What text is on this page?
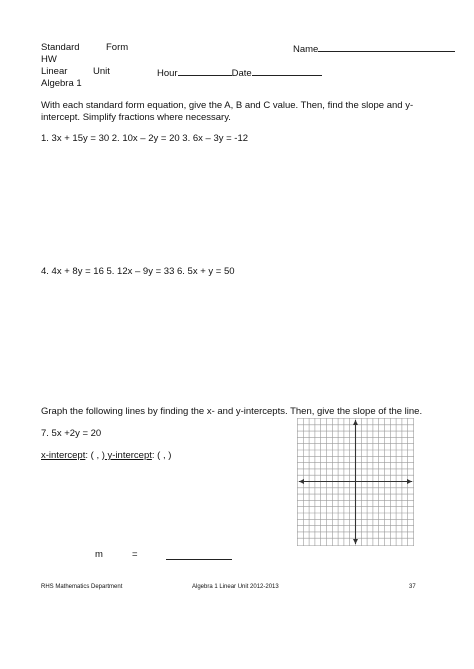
Standard	Form	Name
HW
Linear	Unit	Hour	Date
Algebra 1
With each standard form equation, give the A, B and C value. Then, find the slope and y-
intercept. Simplify fractions where necessary.
1. 3x + 15y = 30 2. 10x – 2y = 20 3. 6x – 3y = -12
4. 4x + 8y = 16 5. 12x – 9y = 33 6. 5x + y = 50
Graph the following lines by finding the x- and y-intercepts. Then, give the slope of the line.
7. 5x +2y = 20
x-intercept: ( , ) y-intercept: ( , )
m	=
RHS Mathematics Department	Algebra 1 Linear Unit 2012-2013	37
